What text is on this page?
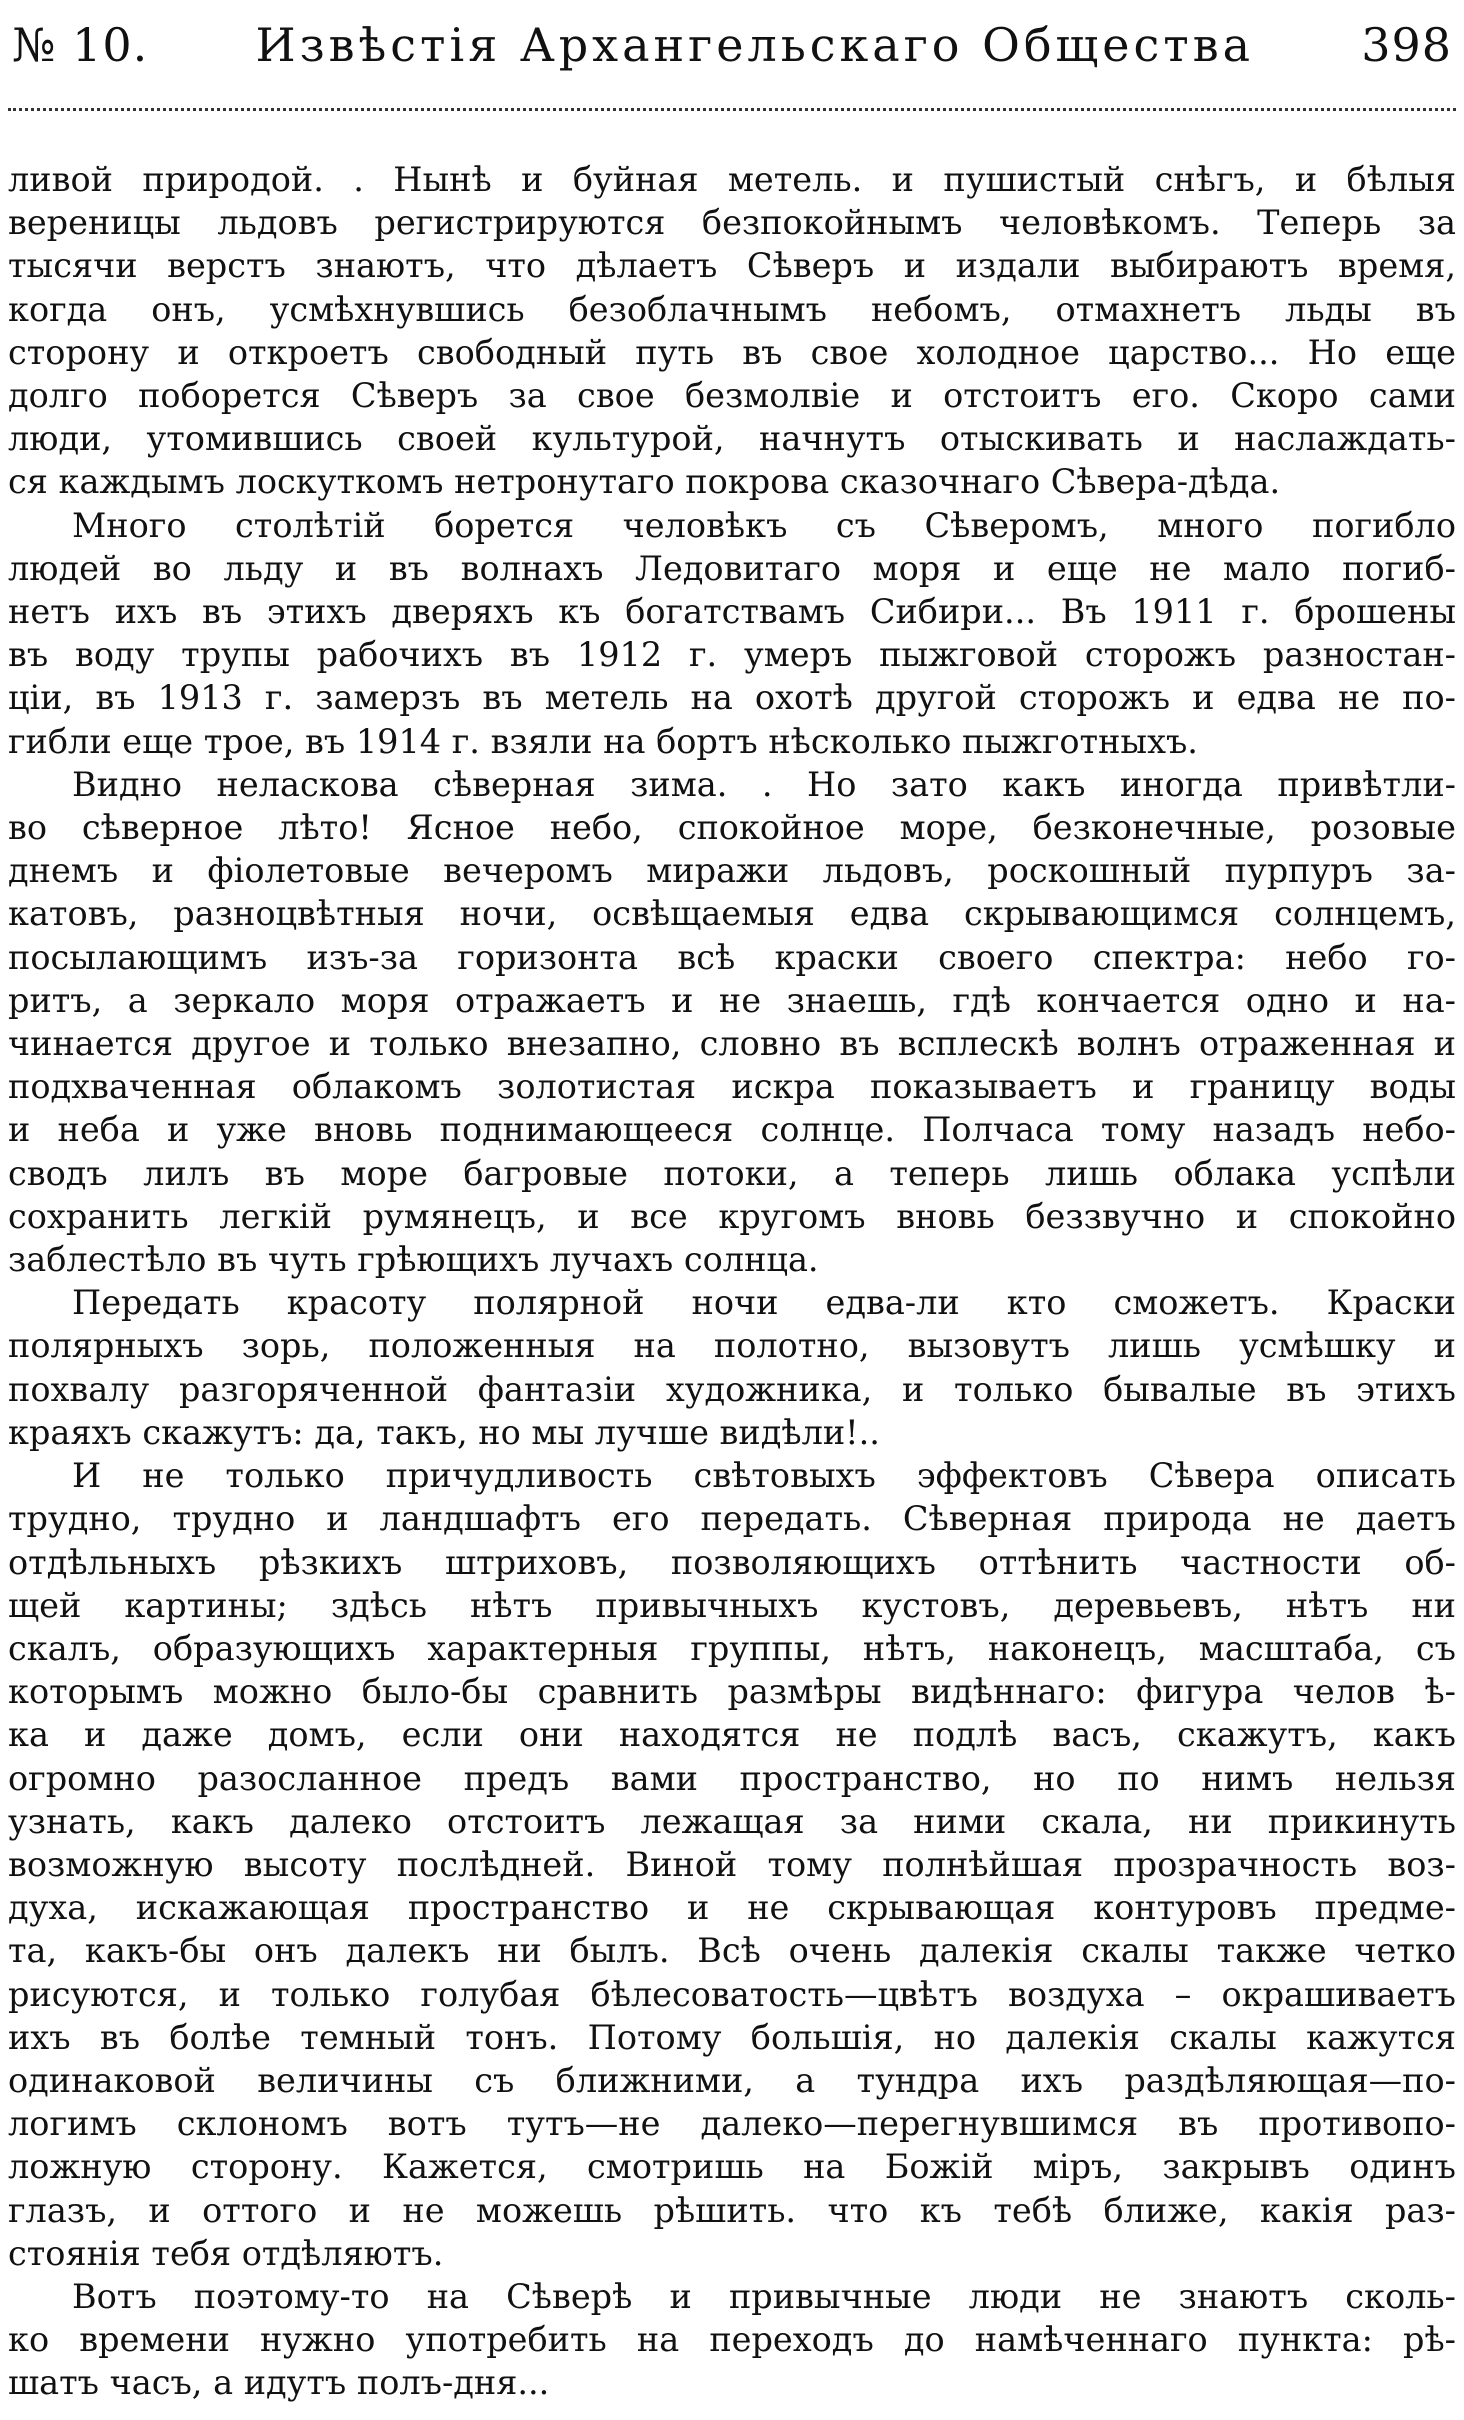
№ 10. Извѣстія Архангельскаго Общества 398

ливой природой. . Нынѣ и буйная метель. и пушистый снѣгъ, и бѣлыя
вереницы льдовъ регистрируются безпокойнымъ человѣкомъ. Теперь за
тысячи верстъ знаютъ, что дѣлаетъ Сѣверъ и издали выбираютъ время,
когда онъ, усмѣхнувшись безоблачнымъ небомъ, отмахнетъ льды въ
сторону и откроетъ свободный путь въ свое холодное царство... Но еще
долго поборется Сѣверъ за свое безмолвіе и отстоитъ его. Скоро сами
люди, утомившись своей культурой, начнутъ отыскивать и наслаждать-
ся каждымъ лоскуткомъ нетронутаго покрова сказочнаго Сѣвера-дѣда.

Много столѣтій борется человѣкъ съ Сѣверомъ, много погибло
людей во льду и въ волнахъ Ледовитаго моря и еще не мало погиб-
нетъ ихъ въ этихъ дверяхъ къ богатствамъ Сибири... Въ 1911 г. брошены
въ воду трупы рабочихъ въ 1912 г. умеръ пыжговой сторожъ разностан-
ціи, въ 1913 г. замерзъ въ метель на охотѣ другой сторожъ и едва не по-
гибли еще трое, въ 1914 г. взяли на бортъ нѣсколько пыжготныхъ.

Видно неласкова сѣверная зима. . Но зато какъ иногда привѣтли-
во сѣверное лѣто! Ясное небо, спокойное море, безконечные, розовые
днемъ и фіолетовые вечеромъ миражи льдовъ, роскошный пурпуръ за-
катовъ, разноцвѣтныя ночи, освѣщаемыя едва скрывающимся солнцемъ,
посылающимъ изъ-за горизонта всѣ краски своего спектра: небо го-
ритъ, а зеркало моря отражаетъ и не знаешь, гдѣ кончается одно и на-
чинается другое и только внезапно, словно въ всплескѣ волнъ отраженная и
подхваченная облакомъ золотистая искра показываетъ и границу воды
и неба и уже вновь поднимающееся солнце. Полчаса тому назадъ небо-
сводъ лилъ въ море багровые потоки, а теперь лишь облака успѣли
сохранить легкій румянецъ, и все кругомъ вновь беззвучно и спокойно
заблестѣло въ чуть грѣющихъ лучахъ солнца.

Передать красоту полярной ночи едва-ли кто сможетъ. Краски
полярныхъ зорь, положенныя на полотно, вызовутъ лишь усмѣшку и
похвалу разгоряченной фантазіи художника, и только бывалые въ этихъ
краяхъ скажутъ: да, такъ, но мы лучше видѣли!..

И не только причудливость свѣтовыхъ эффектовъ Сѣвера описать
трудно, трудно и ландшафтъ его передать. Сѣверная природа не даетъ
отдѣльныхъ рѣзкихъ штриховъ, позволяющихъ оттѣнить частности об-
щей картины; здѣсь нѣтъ привычныхъ кустовъ, деревьевъ, нѣтъ ни
скалъ, образующихъ характерныя группы, нѣтъ, наконецъ, масштаба, съ
которымъ можно было-бы сравнить размѣры видѣннаго: фигура челов ѣ-
ка и даже домъ, если они находятся не подлѣ васъ, скажутъ, какъ
огромно разосланное предъ вами пространство, но по нимъ нельзя
узнать, какъ далеко отстоитъ лежащая за ними скала, ни прикинуть
возможную высоту послѣдней. Виной тому полнѣйшая прозрачность воз-
духа, искажающая пространство и не скрывающая контуровъ предме-
та, какъ-бы онъ далекъ ни былъ. Всѣ очень далекія скалы также четко
рисуются, и только голубая бѣлесоватость—цвѣтъ воздуха – окрашиваетъ
ихъ въ болѣе темный тонъ. Потому большія, но далекія скалы кажутся
одинаковой величины съ ближними, а тундра ихъ раздѣляющая—по-
логимъ склономъ вотъ тутъ—не далеко—перегнувшимся въ противопо-
ложную сторону. Кажется, смотришь на Божій міръ, закрывъ одинъ
глазъ, и оттого и не можешь рѣшить. что къ тебѣ ближе, какія раз-
стоянія тебя отдѣляютъ.

Вотъ поэтому-то на Сѣверѣ и привычные люди не знаютъ сколь-
ко времени нужно употребить на переходъ до намѣченнаго пункта: рѣ-
шатъ часъ, а идутъ полъ-дня...
